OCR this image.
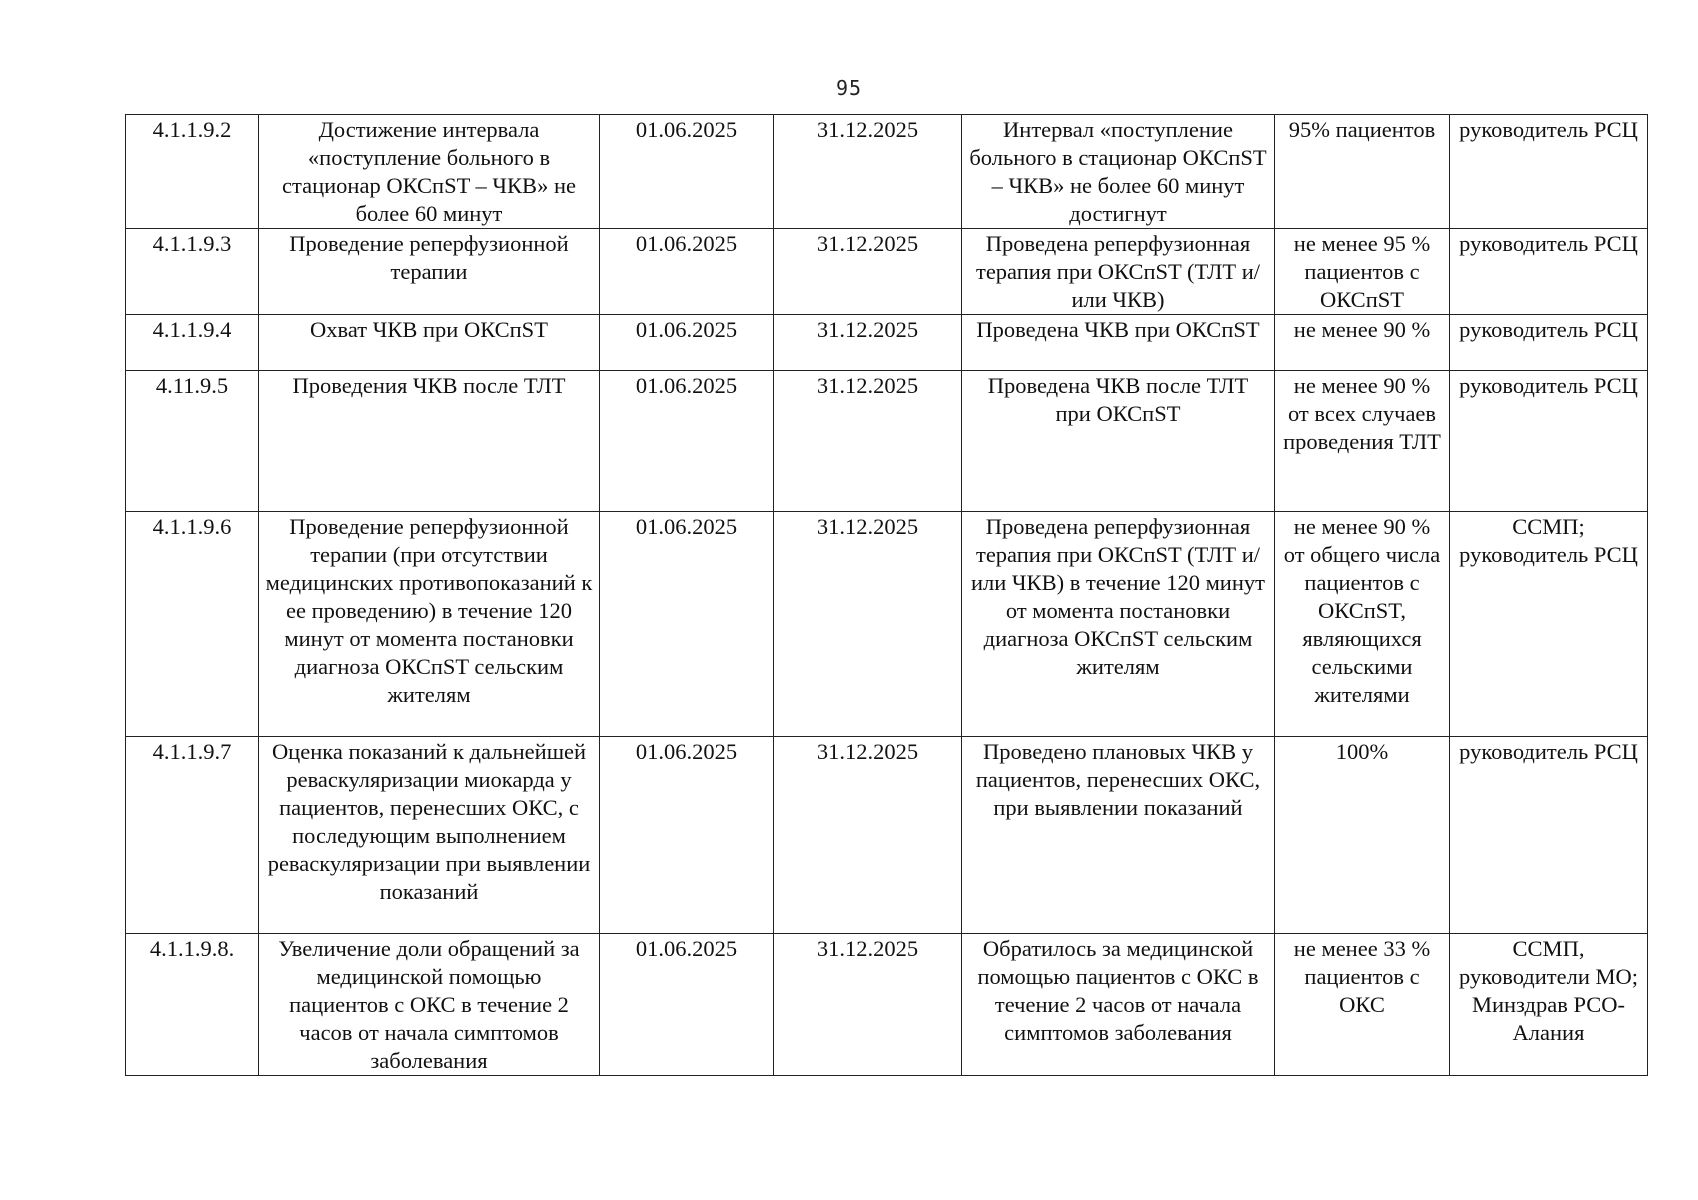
95
4.1.1.9.2	Достижение интервала «поступление больного в стационар ОКСпST – ЧКВ» не более 60 минут	01.06.2025	31.12.2025	Интервал «поступление больного в стационар ОКСпST – ЧКВ» не более 60 минут достигнут	95% пациентов	руководитель РСЦ
4.1.1.9.3	Проведение реперфузионной терапии	01.06.2025	31.12.2025	Проведена реперфузионная терапия при ОКСпST (ТЛТ и/или ЧКВ)	не менее 95 % пациентов с ОКСпST	руководитель РСЦ
4.1.1.9.4	Охват ЧКВ при ОКСпST	01.06.2025	31.12.2025	Проведена ЧКВ при ОКСпST	не менее 90 %	руководитель РСЦ
4.11.9.5	Проведения ЧКВ после ТЛТ	01.06.2025	31.12.2025	Проведена ЧКВ после ТЛТ при ОКСпST	не менее 90 % от всех случаев проведения ТЛТ	руководитель РСЦ
4.1.1.9.6	Проведение реперфузионной терапии (при отсутствии медицинских противопоказаний к ее проведению) в течение 120 минут от момента постановки диагноза ОКСпST сельским жителям	01.06.2025	31.12.2025	Проведена реперфузионная терапия при ОКСпST (ТЛТ и/или ЧКВ) в течение 120 минут от момента постановки диагноза ОКСпST сельским жителям	не менее 90 % от общего числа пациентов с ОКСпST, являющихся сельскими жителями	ССМП; руководитель РСЦ
4.1.1.9.7	Оценка показаний к дальнейшей реваскуляризации миокарда у пациентов, перенесших ОКС, с последующим выполнением реваскуляризации при выявлении показаний	01.06.2025	31.12.2025	Проведено плановых ЧКВ у пациентов, перенесших ОКС, при выявлении показаний	100%	руководитель РСЦ
4.1.1.9.8.	Увеличение доли обращений за медицинской помощью пациентов с ОКС в течение 2 часов от начала симптомов заболевания	01.06.2025	31.12.2025	Обратилось за медицинской помощью пациентов с ОКС в течение 2 часов от начала симптомов заболевания	не менее 33 % пациентов с ОКС	ССМП, руководители МО; Минздрав РСО-Алания
